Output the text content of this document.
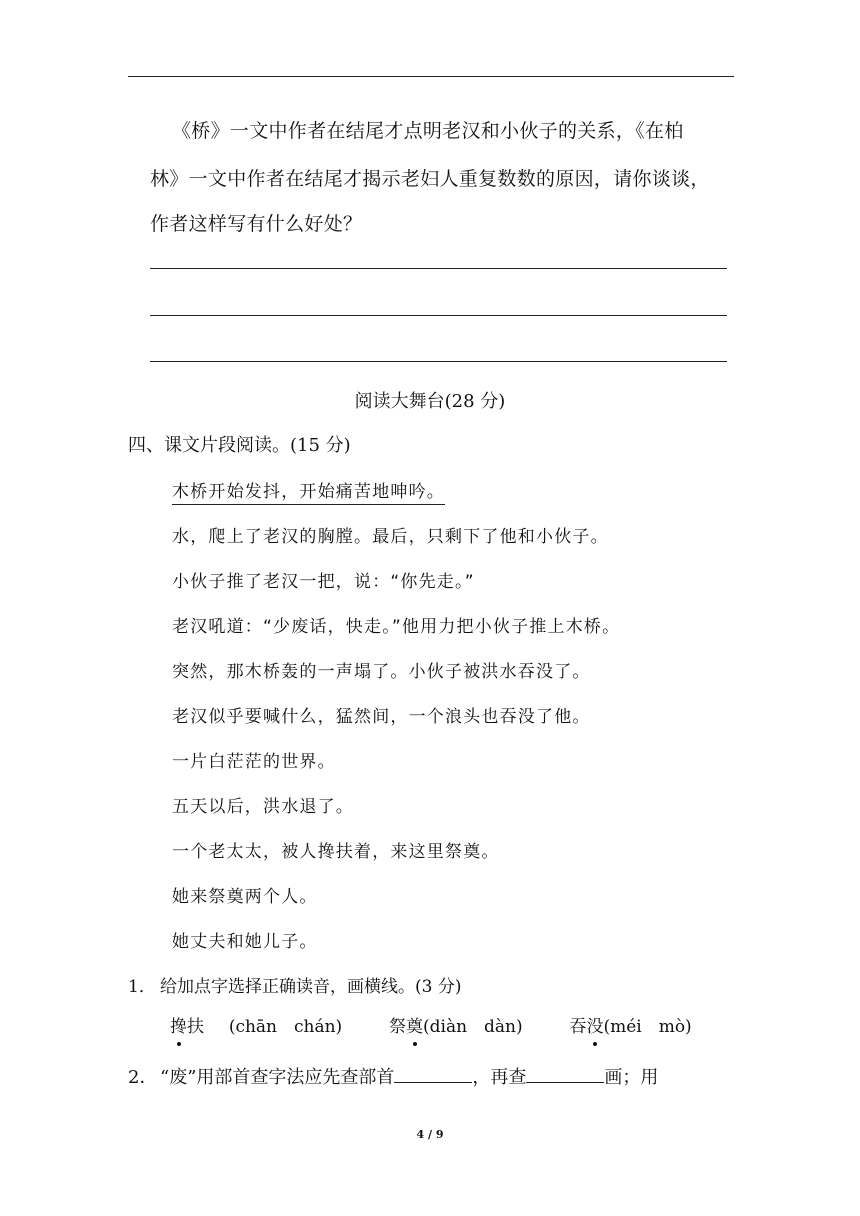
《桥》一文中作者在结尾才点明老汉和小伙子的关系，《在柏
林》一文中作者在结尾才揭示老妇人重复数数的原因，请你谈谈，
作者这样写有什么好处？
阅读大舞台(28 分)
四、课文片段阅读。(15 分)
木桥开始发抖，开始痛苦地呻吟。
水，爬上了老汉的胸膛。最后，只剩下了他和小伙子。
小伙子推了老汉一把，说：“你先走。”
老汉吼道：“少废话，快走。”他用力把小伙子推上木桥。
突然，那木桥轰的一声塌了。小伙子被洪水吞没了。
老汉似乎要喊什么，猛然间，一个浪头也吞没了他。
一片白茫茫的世界。
五天以后，洪水退了。
一个老太太，被人搀扶着，来这里祭奠。
她来祭奠两个人。
她丈夫和她儿子。
1． 给加点字选择正确读音，画横线。(3 分)
搀扶 (chān　chán)	祭奠(diàn　dàn)	吞没(méi　mò)
2． “废”用部首查字法应先查部首	，再查	画；用
4 / 9
